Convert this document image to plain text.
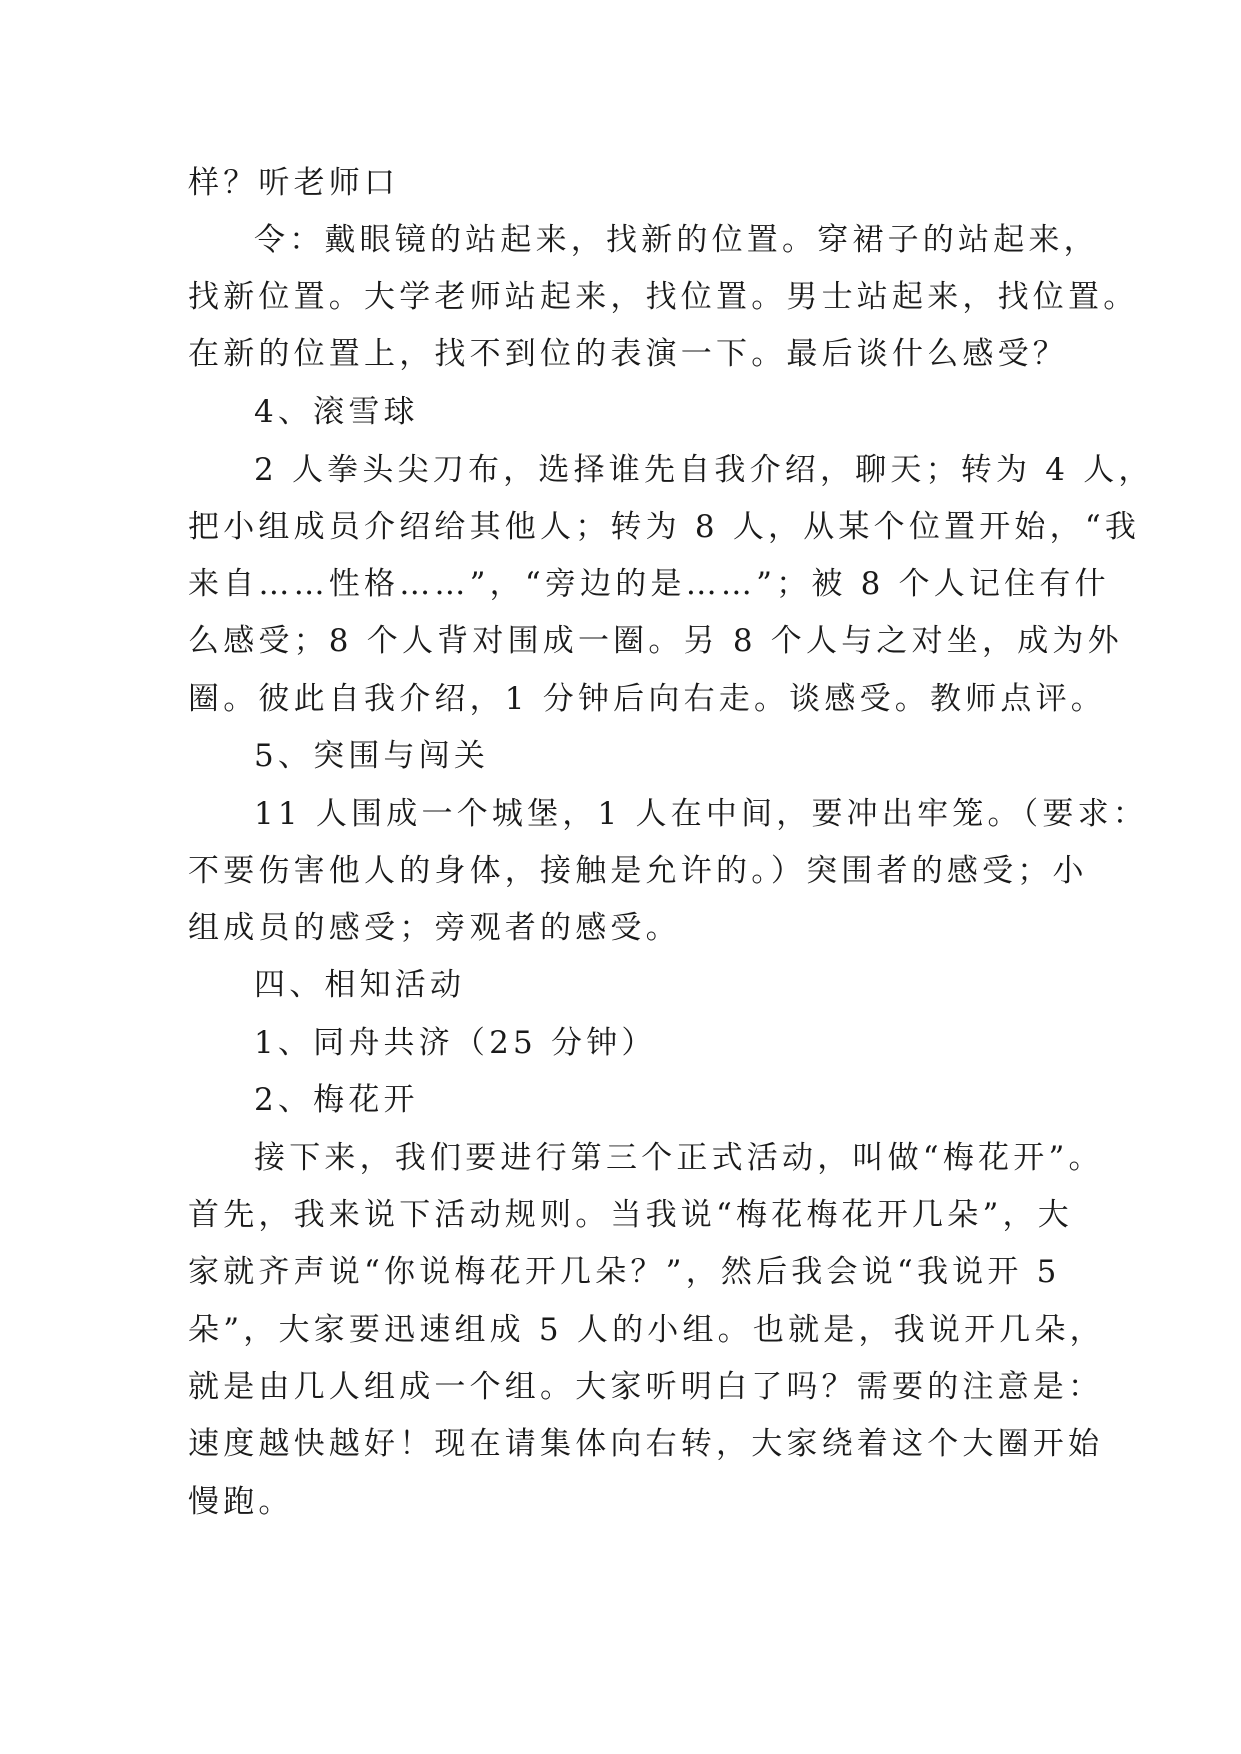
样？听老师口
令：戴眼镜的站起来，找新的位置。穿裙子的站起来，
找新位置。大学老师站起来，找位置。男士站起来，找位置。
在新的位置上，找不到位的表演一下。最后谈什么感受？
4、滚雪球
2 人拳头尖刀布，选择谁先自我介绍，聊天；转为 4 人，
把小组成员介绍给其他人；转为 8 人，从某个位置开始，“我
来自……性格……”，“旁边的是……”；被 8 个人记住有什
么感受；8 个人背对围成一圈。另 8 个人与之对坐，成为外
圈。彼此自我介绍，1 分钟后向右走。谈感受。教师点评。
5、突围与闯关
11 人围成一个城堡，1 人在中间，要冲出牢笼。（要求：
不要伤害他人的身体，接触是允许的。）突围者的感受；小
组成员的感受；旁观者的感受。
四、相知活动
1、同舟共济（25 分钟）
2、梅花开
接下来，我们要进行第三个正式活动，叫做“梅花开”。
首先，我来说下活动规则。当我说“梅花梅花开几朵”，大
家就齐声说“你说梅花开几朵？”，然后我会说“我说开 5
朵”，大家要迅速组成 5 人的小组。也就是，我说开几朵，
就是由几人组成一个组。大家听明白了吗？需要的注意是：
速度越快越好！现在请集体向右转，大家绕着这个大圈开始
慢跑。
